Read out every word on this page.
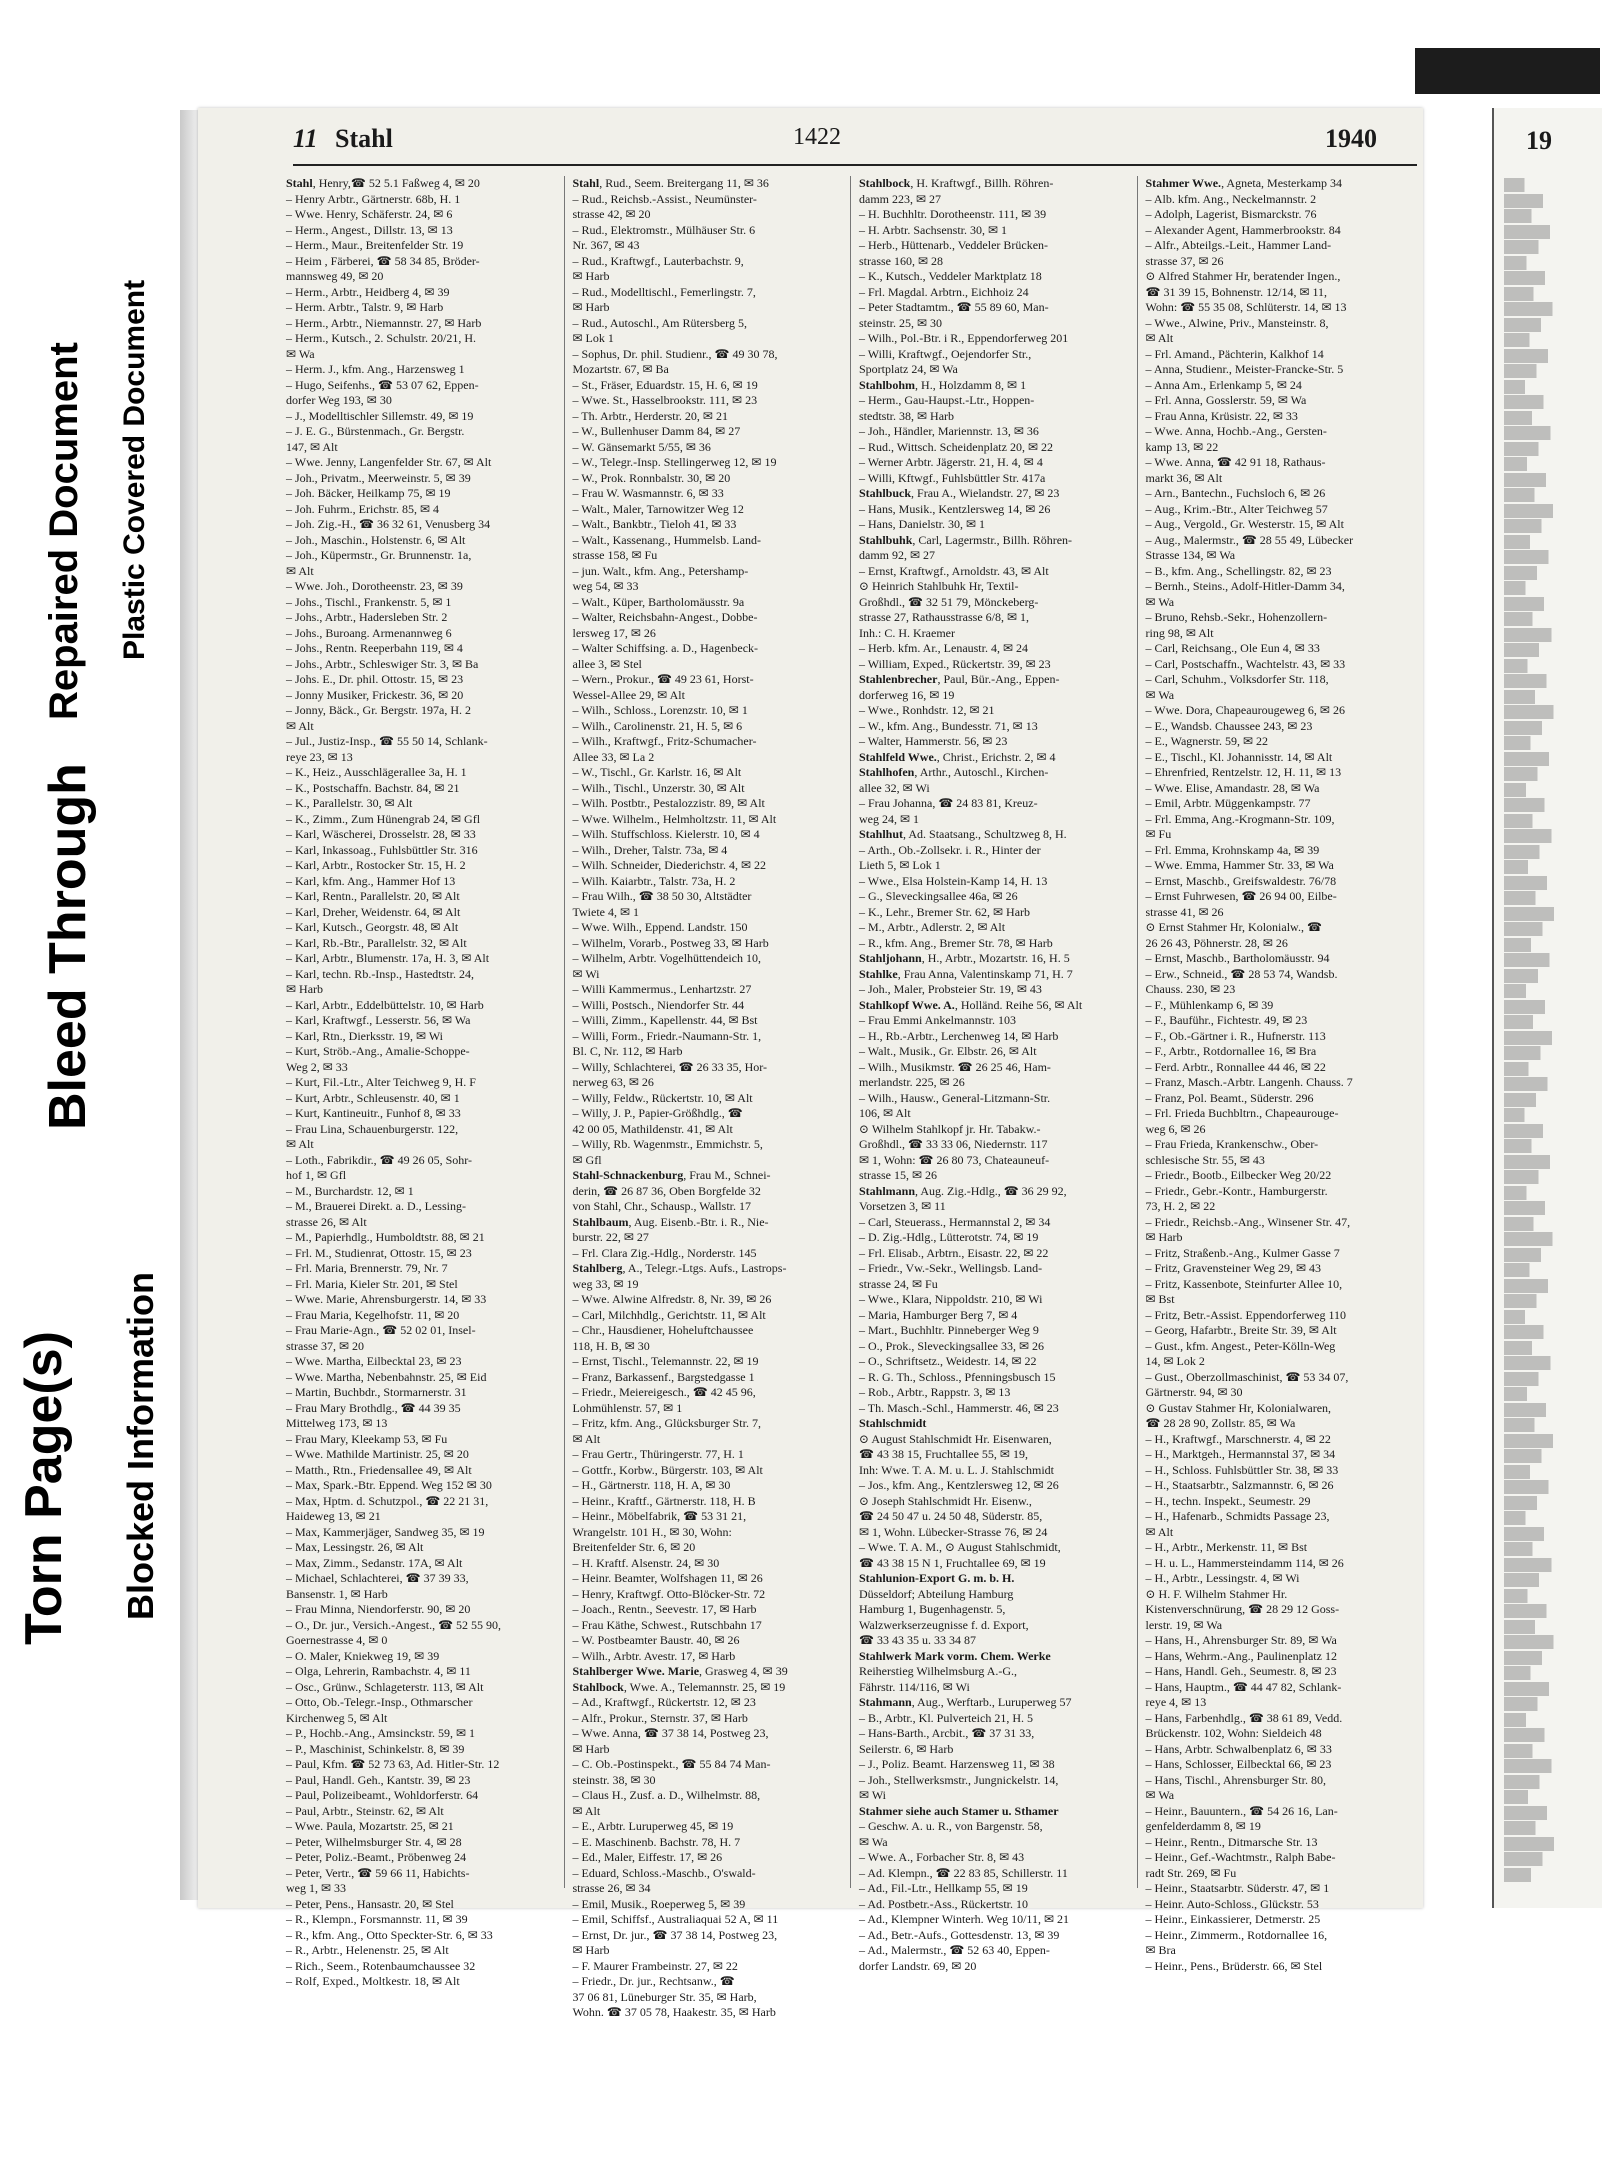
Torn Page(s)
Bleed Through
Repaired Document
Blocked Information
Plastic Covered Document
11 Stahl	1422	1940
Stahl, Henry,☎ 52 5.1 Faßweg 4, ✉ 20
– Henry Arbtr., Gärtnerstr. 68b, H. 1
– Wwe. Henry, Schäferstr. 24, ✉ 6
– Herm., Angest., Dillstr. 13, ✉ 13
– Herm., Maur., Breitenfelder Str. 19
– Heim , Färberei, ☎ 58 34 85, Bröder-
mannsweg 49, ✉ 20
– Herm., Arbtr., Heidberg 4, ✉ 39
– Herm. Arbtr., Talstr. 9, ✉ Harb
– Herm., Arbtr., Niemannstr. 27, ✉ Harb
– Herm., Kutsch., 2. Schulstr. 20/21, H.
✉ Wa
– Herm. J., kfm. Ang., Harzensweg 1
– Hugo, Seifenhs., ☎ 53 07 62, Eppen-
dorfer Weg 193, ✉ 30
– J., Modelltischler Sillemstr. 49, ✉ 19
– J. E. G., Bürstenmach., Gr. Bergstr.
147, ✉ Alt
– Wwe. Jenny, Langenfelder Str. 67, ✉ Alt
– Joh., Privatm., Meerweinstr. 5, ✉ 39
– Joh. Bäcker, Heilkamp 75, ✉ 19
– Joh. Fuhrm., Erichstr. 85, ✉ 4
– Joh. Zig.-H., ☎ 36 32 61, Venusberg 34
– Joh., Maschin., Holstenstr. 6, ✉ Alt
– Joh., Küpermstr., Gr. Brunnenstr. 1a,
✉ Alt
– Wwe. Joh., Dorotheenstr. 23, ✉ 39
– Johs., Tischl., Frankenstr. 5, ✉ 1
– Johs., Arbtr., Hadersleben Str. 2
– Johs., Buroang. Armenannweg 6
– Johs., Rentn. Reeperbahn 119, ✉ 4
– Johs., Arbtr., Schleswiger Str. 3, ✉ Ba
– Johs. E., Dr. phil. Ottostr. 15, ✉ 23
– Jonny Musiker, Frickestr. 36, ✉ 20
– Jonny, Bäck., Gr. Bergstr. 197a, H. 2
✉ Alt
– Jul., Justiz-Insp., ☎ 55 50 14, Schlank-
reye 23, ✉ 13
– K., Heiz., Ausschlägerallee 3a, H. 1
– K., Postschaffn. Bachstr. 84, ✉ 21
– K., Parallelstr. 30, ✉ Alt
– K., Zimm., Zum Hünengrab 24, ✉ Gfl
– Karl, Wäscherei, Drosselstr. 28, ✉ 33
– Karl, Inkassoag., Fuhlsbüttler Str. 316
– Karl, Arbtr., Rostocker Str. 15, H. 2
– Karl, kfm. Ang., Hammer Hof 13
– Karl, Rentn., Parallelstr. 20, ✉ Alt
– Karl, Dreher, Weidenstr. 64, ✉ Alt
– Karl, Kutsch., Georgstr. 48, ✉ Alt
– Karl, Rb.-Btr., Parallelstr. 32, ✉ Alt
– Karl, Arbtr., Blumenstr. 17a, H. 3, ✉ Alt
– Karl, techn. Rb.-Insp., Hastedtstr. 24,
✉ Harb
– Karl, Arbtr., Eddelbüttelstr. 10, ✉ Harb
– Karl, Kraftwgf., Lesserstr. 56, ✉ Wa
– Karl, Rtn., Dierksstr. 19, ✉ Wi
– Kurt, Ströb.-Ang., Amalie-Schoppe-
Weg 2, ✉ 33
– Kurt, Fil.-Ltr., Alter Teichweg 9, H. F
– Kurt, Arbtr., Schleusenstr. 40, ✉ 1
– Kurt, Kantineuitr., Funhof 8, ✉ 33
– Frau Lina, Schauenburgerstr. 122,
✉ Alt
– Loth., Fabrikdir., ☎ 49 26 05, Sohr-
hof 1, ✉ Gfl
– M., Burchardstr. 12, ✉ 1
– M., Brauerei Direkt. a. D., Lessing-
strasse 26, ✉ Alt
– M., Papierhdlg., Humboldtstr. 88, ✉ 21
– Frl. M., Studienrat, Ottostr. 15, ✉ 23
– Frl. Maria, Brennerstr. 79, Nr. 7
– Frl. Maria, Kieler Str. 201, ✉ Stel
– Wwe. Marie, Ahrensburgerstr. 14, ✉ 33
– Frau Maria, Kegelhofstr. 11, ✉ 20
– Frau Marie-Agn., ☎ 52 02 01, Insel-
strasse 37, ✉ 20
– Wwe. Martha, Eilbecktal 23, ✉ 23
– Wwe. Martha, Nebenbahnstr. 25, ✉ Eid
– Martin, Buchbdr., Stormarnerstr. 31
– Frau Mary Brothdlg., ☎ 44 39 35
Mittelweg 173, ✉ 13
– Frau Mary, Kleekamp 53, ✉ Fu
– Wwe. Mathilde Martinistr. 25, ✉ 20
– Matth., Rtn., Friedensallee 49, ✉ Alt
– Max, Spark.-Btr. Eppend. Weg 152 ✉ 30
– Max, Hptm. d. Schutzpol., ☎ 22 21 31,
Haideweg 13, ✉ 21
– Max, Kammerjäger, Sandweg 35, ✉ 19
– Max, Lessingstr. 26, ✉ Alt
– Max, Zimm., Sedanstr. 17A, ✉ Alt
– Michael, Schlachterei, ☎ 37 39 33,
Bansenstr. 1, ✉ Harb
– Frau Minna, Niendorferstr. 90, ✉ 20
– O., Dr. jur., Versich.-Angest., ☎ 52 55 90,
Goernestrasse 4, ✉ 0
– O. Maler, Kniekweg 19, ✉ 39
– Olga, Lehrerin, Rambachstr. 4, ✉ 11
– Osc., Grünw., Schlageterstr. 113, ✉ Alt
– Otto, Ob.-Telegr.-Insp., Othmarscher
Kirchenweg 5, ✉ Alt
– P., Hochb.-Ang., Amsinckstr. 59, ✉ 1
– P., Maschinist, Schinkelstr. 8, ✉ 39
– Paul, Kfm. ☎ 52 73 63, Ad. Hitler-Str. 12
– Paul, Handl. Geh., Kantstr. 39, ✉ 23
– Paul, Polizeibeamt., Wohldorferstr. 64
– Paul, Arbtr., Steinstr. 62, ✉ Alt
– Wwe. Paula, Mozartstr. 25, ✉ 21
– Peter, Wilhelmsburger Str. 4, ✉ 28
– Peter, Poliz.-Beamt., Pröbenweg 24
– Peter, Vertr., ☎ 59 66 11, Habichts-
weg 1, ✉ 33
– Peter, Pens., Hansastr. 20, ✉ Stel
– R., Klempn., Forsmannstr. 11, ✉ 39
– R., kfm. Ang., Otto Speckter-Str. 6, ✉ 33
– R., Arbtr., Helenenstr. 25, ✉ Alt
– Rich., Seem., Rotenbaumchaussee 32
– Rolf, Exped., Moltkestr. 18, ✉ Alt
Stahl, Rud., Seem. Breitergang 11, ✉ 36
– Rud., Reichsb.-Assist., Neumünster-
strasse 42, ✉ 20
– Rud., Elektromstr., Mülhäuser Str. 6
Nr. 367, ✉ 43
– Rud., Kraftwgf., Lauterbachstr. 9,
✉ Harb
– Rud., Modelltischl., Femerlingstr. 7,
✉ Harb
– Rud., Autoschl., Am Rütersberg 5,
✉ Lok 1
– Sophus, Dr. phil. Studienr., ☎ 49 30 78,
Mozartstr. 67, ✉ Ba
– St., Fräser, Eduardstr. 15, H. 6, ✉ 19
– Wwe. St., Hasselbrookstr. 111, ✉ 23
– Th. Arbtr., Herderstr. 20, ✉ 21
– W., Bullenhuser Damm 84, ✉ 27
– W. Gänsemarkt 5/55, ✉ 36
– W., Telegr.-Insp. Stellingerweg 12, ✉ 19
– W., Prok. Ronnbalstr. 30, ✉ 20
– Frau W. Wasmannstr. 6, ✉ 33
– Walt., Maler, Tarnowitzer Weg 12
– Walt., Bankbtr., Tieloh 41, ✉ 33
– Walt., Kassenang., Hummelsb. Land-
strasse 158, ✉ Fu
– jun. Walt., kfm. Ang., Petershamp-
weg 54, ✉ 33
– Walt., Küper, Bartholomäusstr. 9a
– Walter, Reichsbahn-Angest., Dobbe-
lersweg 17, ✉ 26
– Walter Schiffsing. a. D., Hagenbeck-
allee 3, ✉ Stel
– Wern., Prokur., ☎ 49 23 61, Horst-
Wessel-Allee 29, ✉ Alt
– Wilh., Schloss., Lorenzstr. 10, ✉ 1
– Wilh., Carolinenstr. 21, H. 5, ✉ 6
– Wilh., Kraftwgf., Fritz-Schumacher-
Allee 33, ✉ La 2
– W., Tischl., Gr. Karlstr. 16, ✉ Alt
– Wilh., Tischl., Unzerstr. 30, ✉ Alt
– Wilh. Postbtr., Pestalozzistr. 89, ✉ Alt
– Wwe. Wilhelm., Helmholtzstr. 11, ✉ Alt
– Wilh. Stuffschloss. Kielerstr. 10, ✉ 4
– Wilh., Dreher, Talstr. 73a, ✉ 4
– Wilh. Schneider, Diederichstr. 4, ✉ 22
– Wilh. Kaiarbtr., Talstr. 73a, H. 2
– Frau Wilh., ☎ 38 50 30, Altstädter
Twiete 4, ✉ 1
– Wwe. Wilh., Eppend. Landstr. 150
– Wilhelm, Vorarb., Postweg 33, ✉ Harb
– Wilhelm, Arbtr. Vogelhüttendeich 10,
✉ Wi
– Willi Kammermus., Lenhartzstr. 27
– Willi, Postsch., Niendorfer Str. 44
– Willi, Zimm., Kapellenstr. 44, ✉ Bst
– Willi, Form., Friedr.-Naumann-Str. 1,
Bl. C, Nr. 112, ✉ Harb
– Willy, Schlachterei, ☎ 26 33 35, Hor-
nerweg 63, ✉ 26
– Willy, Feldw., Rückertstr. 10, ✉ Alt
– Willy, J. P., Papier-Größhdlg., ☎
42 00 05, Mathildenstr. 41, ✉ Alt
– Willy, Rb. Wagenmstr., Emmichstr. 5,
✉ Gfl
Stahl-Schnackenburg, Frau M., Schnei-
derin, ☎ 26 87 36, Oben Borgfelde 32
von Stahl, Chr., Schausp., Wallstr. 17
Stahlbaum, Aug. Eisenb.-Btr. i. R., Nie-
burstr. 22, ✉ 27
– Frl. Clara Zig.-Hdlg., Norderstr. 145
Stahlberg, A., Telegr.-Ltgs. Aufs., Lastrops-
weg 33, ✉ 19
– Wwe. Alwine Alfredstr. 8, Nr. 39, ✉ 26
– Carl, Milchhdlg., Gerichtstr. 11, ✉ Alt
– Chr., Hausdiener, Hoheluftchaussee
118, H. B, ✉ 30
– Ernst, Tischl., Telemannstr. 22, ✉ 19
– Franz, Barkassenf., Bargstedgasse 1
– Friedr., Meiereigesch., ☎ 42 45 96,
Lohmühlenstr. 57, ✉ 1
– Fritz, kfm. Ang., Glücksburger Str. 7,
✉ Alt
– Frau Gertr., Thüringerstr. 77, H. 1
– Gottfr., Korbw., Bürgerstr. 103, ✉ Alt
– H., Gärtnerstr. 118, H. A, ✉ 30
– Heinr., Kraftf., Gärtnerstr. 118, H. B
– Heinr., Möbelfabrik, ☎ 53 31 21,
Wrangelstr. 101 H., ✉ 30, Wohn:
Breitenfelder Str. 6, ✉ 20
– H. Kraftf. Alsenstr. 24, ✉ 30
– Heinr. Beamter, Wolfshagen 11, ✉ 26
– Henry, Kraftwgf. Otto-Blöcker-Str. 72
– Joach., Rentn., Seevestr. 17, ✉ Harb
– Frau Käthe, Schwest., Rutschbahn 17
– W. Postbeamter Baustr. 40, ✉ 26
– Wilh., Arbtr. Avestr. 17, ✉ Harb
Stahlberger Wwe. Marie, Grasweg 4, ✉ 39
Stahlbock, Wwe. A., Telemannstr. 25, ✉ 19
– Ad., Kraftwgf., Rückertstr. 12, ✉ 23
– Alfr., Prokur., Sternstr. 37, ✉ Harb
– Wwe. Anna, ☎ 37 38 14, Postweg 23,
✉ Harb
– C. Ob.-Postinspekt., ☎ 55 84 74 Man-
steinstr. 38, ✉ 30
– Claus H., Zusf. a. D., Wilhelmstr. 88,
✉ Alt
– E., Arbtr. Luruperweg 45, ✉ 19
– E. Maschinenb. Bachstr. 78, H. 7
– Ed., Maler, Eiffestr. 17, ✉ 26
– Eduard, Schloss.-Maschb., O'swald-
strasse 26, ✉ 34
– Emil, Musik., Roeperweg 5, ✉ 39
– Emil, Schiffsf., Australiaquai 52 A, ✉ 11
– Ernst, Dr. jur., ☎ 37 38 14, Postweg 23,
✉ Harb
– F. Maurer Frambeinstr. 27, ✉ 22
– Friedr., Dr. jur., Rechtsanw., ☎
37 06 81, Lüneburger Str. 35, ✉ Harb,
Wohn. ☎ 37 05 78, Haakestr. 35, ✉ Harb
Stahlbock, H. Kraftwgf., Billh. Röhren-
damm 223, ✉ 27
– H. Buchhltr. Dorotheenstr. 111, ✉ 39
– H. Arbtr. Sachsenstr. 30, ✉ 1
– Herb., Hüttenarb., Veddeler Brücken-
strasse 160, ✉ 28
– K., Kutsch., Veddeler Marktplatz 18
– Frl. Magdal. Arbtrn., Eichhoiz 24
– Peter Stadtamtm., ☎ 55 89 60, Man-
steinstr. 25, ✉ 30
– Wilh., Pol.-Btr. i R., Eppendorferweg 201
– Willi, Kraftwgf., Oejendorfer Str.,
Sportplatz 24, ✉ Wa
Stahlbohm, H., Holzdamm 8, ✉ 1
– Herm., Gau-Haupst.-Ltr., Hoppen-
stedtstr. 38, ✉ Harb
– Joh., Händler, Mariennstr. 13, ✉ 36
– Rud., Wittsch. Scheidenplatz 20, ✉ 22
– Werner Arbtr. Jägerstr. 21, H. 4, ✉ 4
– Willi, Kftwgf., Fuhlsbüttler Str. 417a
Stahlbuck, Frau A., Wielandstr. 27, ✉ 23
– Hans, Musik., Kentzlersweg 14, ✉ 26
– Hans, Danielstr. 30, ✉ 1
Stahlbuhk, Carl, Lagermstr., Billh. Röhren-
damm 92, ✉ 27
– Ernst, Kraftwgf., Arnoldstr. 43, ✉ Alt
⊙ Heinrich Stahlbuhk Hr, Textil-
Großhdl., ☎ 32 51 79, Mönckeberg-
strasse 27, Rathausstrasse 6/8, ✉ 1,
Inh.: C. H. Kraemer
– Herb. kfm. Ar., Lenaustr. 4, ✉ 24
– William, Exped., Rückertstr. 39, ✉ 23
Stahlenbrecher, Paul, Bür.-Ang., Eppen-
dorferweg 16, ✉ 19
– Wwe., Ronhdstr. 12, ✉ 21
– W., kfm. Ang., Bundesstr. 71, ✉ 13
– Walter, Hammerstr. 56, ✉ 23
Stahlfeld Wwe., Christ., Erichstr. 2, ✉ 4
Stahlhofen, Arthr., Autoschl., Kirchen-
allee 32, ✉ Wi
– Frau Johanna, ☎ 24 83 81, Kreuz-
weg 24, ✉ 1
Stahlhut, Ad. Staatsang., Schultzweg 8, H.
– Arth., Ob.-Zollsekr. i. R., Hinter der
Lieth 5, ✉ Lok 1
– Wwe., Elsa Holstein-Kamp 14, H. 13
– G., Sleveckingsallee 46a, ✉ 26
– K., Lehr., Bremer Str. 62, ✉ Harb
– M., Arbtr., Adlerstr. 2, ✉ Alt
– R., kfm. Ang., Bremer Str. 78, ✉ Harb
Stahljohann, H., Arbtr., Mozartstr. 16, H. 5
Stahlke, Frau Anna, Valentinskamp 71, H. 7
– Joh., Maler, Probsteier Str. 19, ✉ 43
Stahlkopf Wwe. A., Holländ. Reihe 56, ✉ Alt
– Frau Emmi Ankelmannstr. 103
– H., Rb.-Arbtr., Lerchenweg 14, ✉ Harb
– Walt., Musik., Gr. Elbstr. 26, ✉ Alt
– Wilh., Musikmstr. ☎ 26 25 46, Ham-
merlandstr. 225, ✉ 26
– Wilh., Hausw., General-Litzmann-Str.
106, ✉ Alt
⊙ Wilhelm Stahlkopf jr. Hr. Tabakw.-
Großhdl., ☎ 33 33 06, Niedernstr. 117
✉ 1, Wohn: ☎ 26 80 73, Chateauneuf-
strasse 15, ✉ 26
Stahlmann, Aug. Zig.-Hdlg., ☎ 36 29 92,
Vorsetzen 3, ✉ 11
– Carl, Steuerass., Hermannstal 2, ✉ 34
– D. Zig.-Hdlg., Lütterotstr. 74, ✉ 19
– Frl. Elisab., Arbtrn., Eisastr. 22, ✉ 22
– Friedr., Vw.-Sekr., Wellingsb. Land-
strasse 24, ✉ Fu
– Wwe., Klara, Nippoldstr. 210, ✉ Wi
– Maria, Hamburger Berg 7, ✉ 4
– Mart., Buchhltr. Pinneberger Weg 9
– O., Prok., Sleveckingsallee 33, ✉ 26
– O., Schriftsetz., Weidestr. 14, ✉ 22
– R. G. Th., Schloss., Pfenningsbusch 15
– Rob., Arbtr., Rappstr. 3, ✉ 13
– Th. Masch.-Schl., Hammerstr. 46, ✉ 23
Stahlschmidt
⊙ August Stahlschmidt Hr. Eisenwaren,
☎ 43 38 15, Fruchtallee 55, ✉ 19,
Inh: Wwe. T. A. M. u. L. J. Stahlschmidt
– Jos., kfm. Ang., Kentzlersweg 12, ✉ 26
⊙ Joseph Stahlschmidt Hr. Eisenw.,
☎ 24 50 47 u. 24 50 48, Süderstr. 85,
✉ 1, Wohn. Lübecker-Strasse 76, ✉ 24
– Wwe. T. A. M., ⊙ August Stahlschmidt,
☎ 43 38 15 N 1, Fruchtallee 69, ✉ 19
Stahlunion-Export G. m. b. H.
Düsseldorf; Abteilung Hamburg
Hamburg 1, Bugenhagenstr. 5,
Walzwerkserzeugnisse f. d. Export,
☎ 33 43 35 u. 33 34 87
Stahlwerk Mark vorm. Chem. Werke
Reiherstieg Wilhelmsburg A.-G.,
Fährstr. 114/116, ✉ Wi
Stahmann, Aug., Werftarb., Luruperweg 57
– B., Arbtr., Kl. Pulverteich 21, H. 5
– Hans-Barth., Arcbit., ☎ 37 31 33,
Seilerstr. 6, ✉ Harb
– J., Poliz. Beamt. Harzensweg 11, ✉ 38
– Joh., Stellwerksmstr., Jungnickelstr. 14,
✉ Wi
Stahmer siehe auch Stamer u. Sthamer
– Geschw. A. u. R., von Bargenstr. 58,
✉ Wa
– Wwe. A., Forbacher Str. 8, ✉ 43
– Ad. Klempn., ☎ 22 83 85, Schillerstr. 11
– Ad., Fil.-Ltr., Hellkamp 55, ✉ 19
– Ad. Postbetr.-Ass., Rückertstr. 10
– Ad., Klempner Winterh. Weg 10/11, ✉ 21
– Ad., Betr.-Aufs., Gottesdenstr. 13, ✉ 39
– Ad., Malermstr., ☎ 52 63 40, Eppen-
dorfer Landstr. 69, ✉ 20
Stahmer Wwe., Agneta, Mesterkamp 34
– Alb. kfm. Ang., Neckelmannstr. 2
– Adolph, Lagerist, Bismarckstr. 76
– Alexander Agent, Hammerbrookstr. 84
– Alfr., Abteilgs.-Leit., Hammer Land-
strasse 37, ✉ 26
⊙ Alfred Stahmer Hr, beratender Ingen.,
☎ 31 39 15, Bohnenstr. 12/14, ✉ 11,
Wohn: ☎ 55 35 08, Schlüterstr. 14, ✉ 13
– Wwe., Alwine, Priv., Mansteinstr. 8,
✉ Alt
– Frl. Amand., Pächterin, Kalkhof 14
– Anna, Studienr., Meister-Francke-Str. 5
– Anna Am., Erlenkamp 5, ✉ 24
– Frl. Anna, Gosslerstr. 59, ✉ Wa
– Frau Anna, Krüsistr. 22, ✉ 33
– Wwe. Anna, Hochb.-Ang., Gersten-
kamp 13, ✉ 22
– Wwe. Anna, ☎ 42 91 18, Rathaus-
markt 36, ✉ Alt
– Arn., Bantechn., Fuchsloch 6, ✉ 26
– Aug., Krim.-Btr., Alter Teichweg 57
– Aug., Vergold., Gr. Westerstr. 15, ✉ Alt
– Aug., Malermstr., ☎ 28 55 49, Lübecker
Strasse 134, ✉ Wa
– B., kfm. Ang., Schellingstr. 82, ✉ 23
– Bernh., Steins., Adolf-Hitler-Damm 34,
✉ Wa
– Bruno, Rehsb.-Sekr., Hohenzollern-
ring 98, ✉ Alt
– Carl, Reichsang., Ole Eun 4, ✉ 33
– Carl, Postschaffn., Wachtelstr. 43, ✉ 33
– Carl, Schuhm., Volksdorfer Str. 118,
✉ Wa
– Wwe. Dora, Chapeaurougeweg 6, ✉ 26
– E., Wandsb. Chaussee 243, ✉ 23
– E., Wagnerstr. 59, ✉ 22
– E., Tischl., Kl. Johannisstr. 14, ✉ Alt
– Ehrenfried, Rentzelstr. 12, H. 11, ✉ 13
– Wwe. Elise, Amandastr. 28, ✉ Wa
– Emil, Arbtr. Müggenkampstr. 77
– Frl. Emma, Ang.-Krogmann-Str. 109,
✉ Fu
– Frl. Emma, Krohnskamp 4a, ✉ 39
– Wwe. Emma, Hammer Str. 33, ✉ Wa
– Ernst, Maschb., Greifswaldestr. 76/78
– Ernst Fuhrwesen, ☎ 26 94 00, Eilbe-
strasse 41, ✉ 26
⊙ Ernst Stahmer Hr, Kolonialw., ☎
26 26 43, Pöhnerstr. 28, ✉ 26
– Ernst, Maschb., Bartholomäusstr. 94
– Erw., Schneid., ☎ 28 53 74, Wandsb.
Chauss. 230, ✉ 23
– F., Mühlenkamp 6, ✉ 39
– F., Bauführ., Fichtestr. 49, ✉ 23
– F., Ob.-Gärtner i. R., Hufnerstr. 113
– F., Arbtr., Rotdornallee 16, ✉ Bra
– Ferd. Arbtr., Ronnallee 44 46, ✉ 22
– Franz, Masch.-Arbtr. Langenh. Chauss. 7
– Franz, Pol. Beamt., Süderstr. 296
– Frl. Frieda Buchbltrn., Chapeaurouge-
weg 6, ✉ 26
– Frau Frieda, Krankenschw., Ober-
schlesische Str. 55, ✉ 43
– Friedr., Bootb., Eilbecker Weg 20/22
– Friedr., Gebr.-Kontr., Hamburgerstr.
73, H. 2, ✉ 22
– Friedr., Reichsb.-Ang., Winsener Str. 47,
✉ Harb
– Fritz, Straßenb.-Ang., Kulmer Gasse 7
– Fritz, Gravensteiner Weg 29, ✉ 43
– Fritz, Kassenbote, Steinfurter Allee 10,
✉ Bst
– Fritz, Betr.-Assist. Eppendorferweg 110
– Georg, Hafarbtr., Breite Str. 39, ✉ Alt
– Gust., kfm. Angest., Peter-Kölln-Weg
14, ✉ Lok 2
– Gust., Oberzollmaschinist, ☎ 53 34 07,
Gärtnerstr. 94, ✉ 30
⊙ Gustav Stahmer Hr, Kolonialwaren,
☎ 28 28 90, Zollstr. 85, ✉ Wa
– H., Kraftwgf., Marschnerstr. 4, ✉ 22
– H., Marktgeh., Hermannstal 37, ✉ 34
– H., Schloss. Fuhlsbüttler Str. 38, ✉ 33
– H., Staatsarbtr., Salzmannstr. 6, ✉ 26
– H., techn. Inspekt., Seumestr. 29
– H., Hafenarb., Schmidts Passage 23,
✉ Alt
– H., Arbtr., Merkenstr. 11, ✉ Bst
– H. u. L., Hammersteindamm 114, ✉ 26
– H., Arbtr., Lessingstr. 4, ✉ Wi
⊙ H. F. Wilhelm Stahmer Hr.
Kistenverschnürung, ☎ 28 29 12 Goss-
lerstr. 19, ✉ Wa
– Hans, H., Ahrensburger Str. 89, ✉ Wa
– Hans, Wehrm.-Ang., Paulinenplatz 12
– Hans, Handl. Geh., Seumestr. 8, ✉ 23
– Hans, Hauptm., ☎ 44 47 82, Schlank-
reye 4, ✉ 13
– Hans, Farbenhdlg., ☎ 38 61 89, Vedd.
Brückenstr. 102, Wohn: Sieldeich 48
– Hans, Arbtr. Schwalbenplatz 6, ✉ 33
– Hans, Schlosser, Eilbecktal 66, ✉ 23
– Hans, Tischl., Ahrensburger Str. 80,
✉ Wa
– Heinr., Bauuntern., ☎ 54 26 16, Lan-
genfelderdamm 8, ✉ 19
– Heinr., Rentn., Ditmarsche Str. 13
– Heinr., Gef.-Wachtmstr., Ralph Babe-
radt Str. 269, ✉ Fu
– Heinr., Staatsarbtr. Süderstr. 47, ✉ 1
– Heinr. Auto-Schloss., Glückstr. 53
– Heinr., Einkassierer, Detmerstr. 25
– Heinr., Zimmerm., Rotdornallee 16,
✉ Bra
– Heinr., Pens., Brüderstr. 66, ✉ Stel
19
